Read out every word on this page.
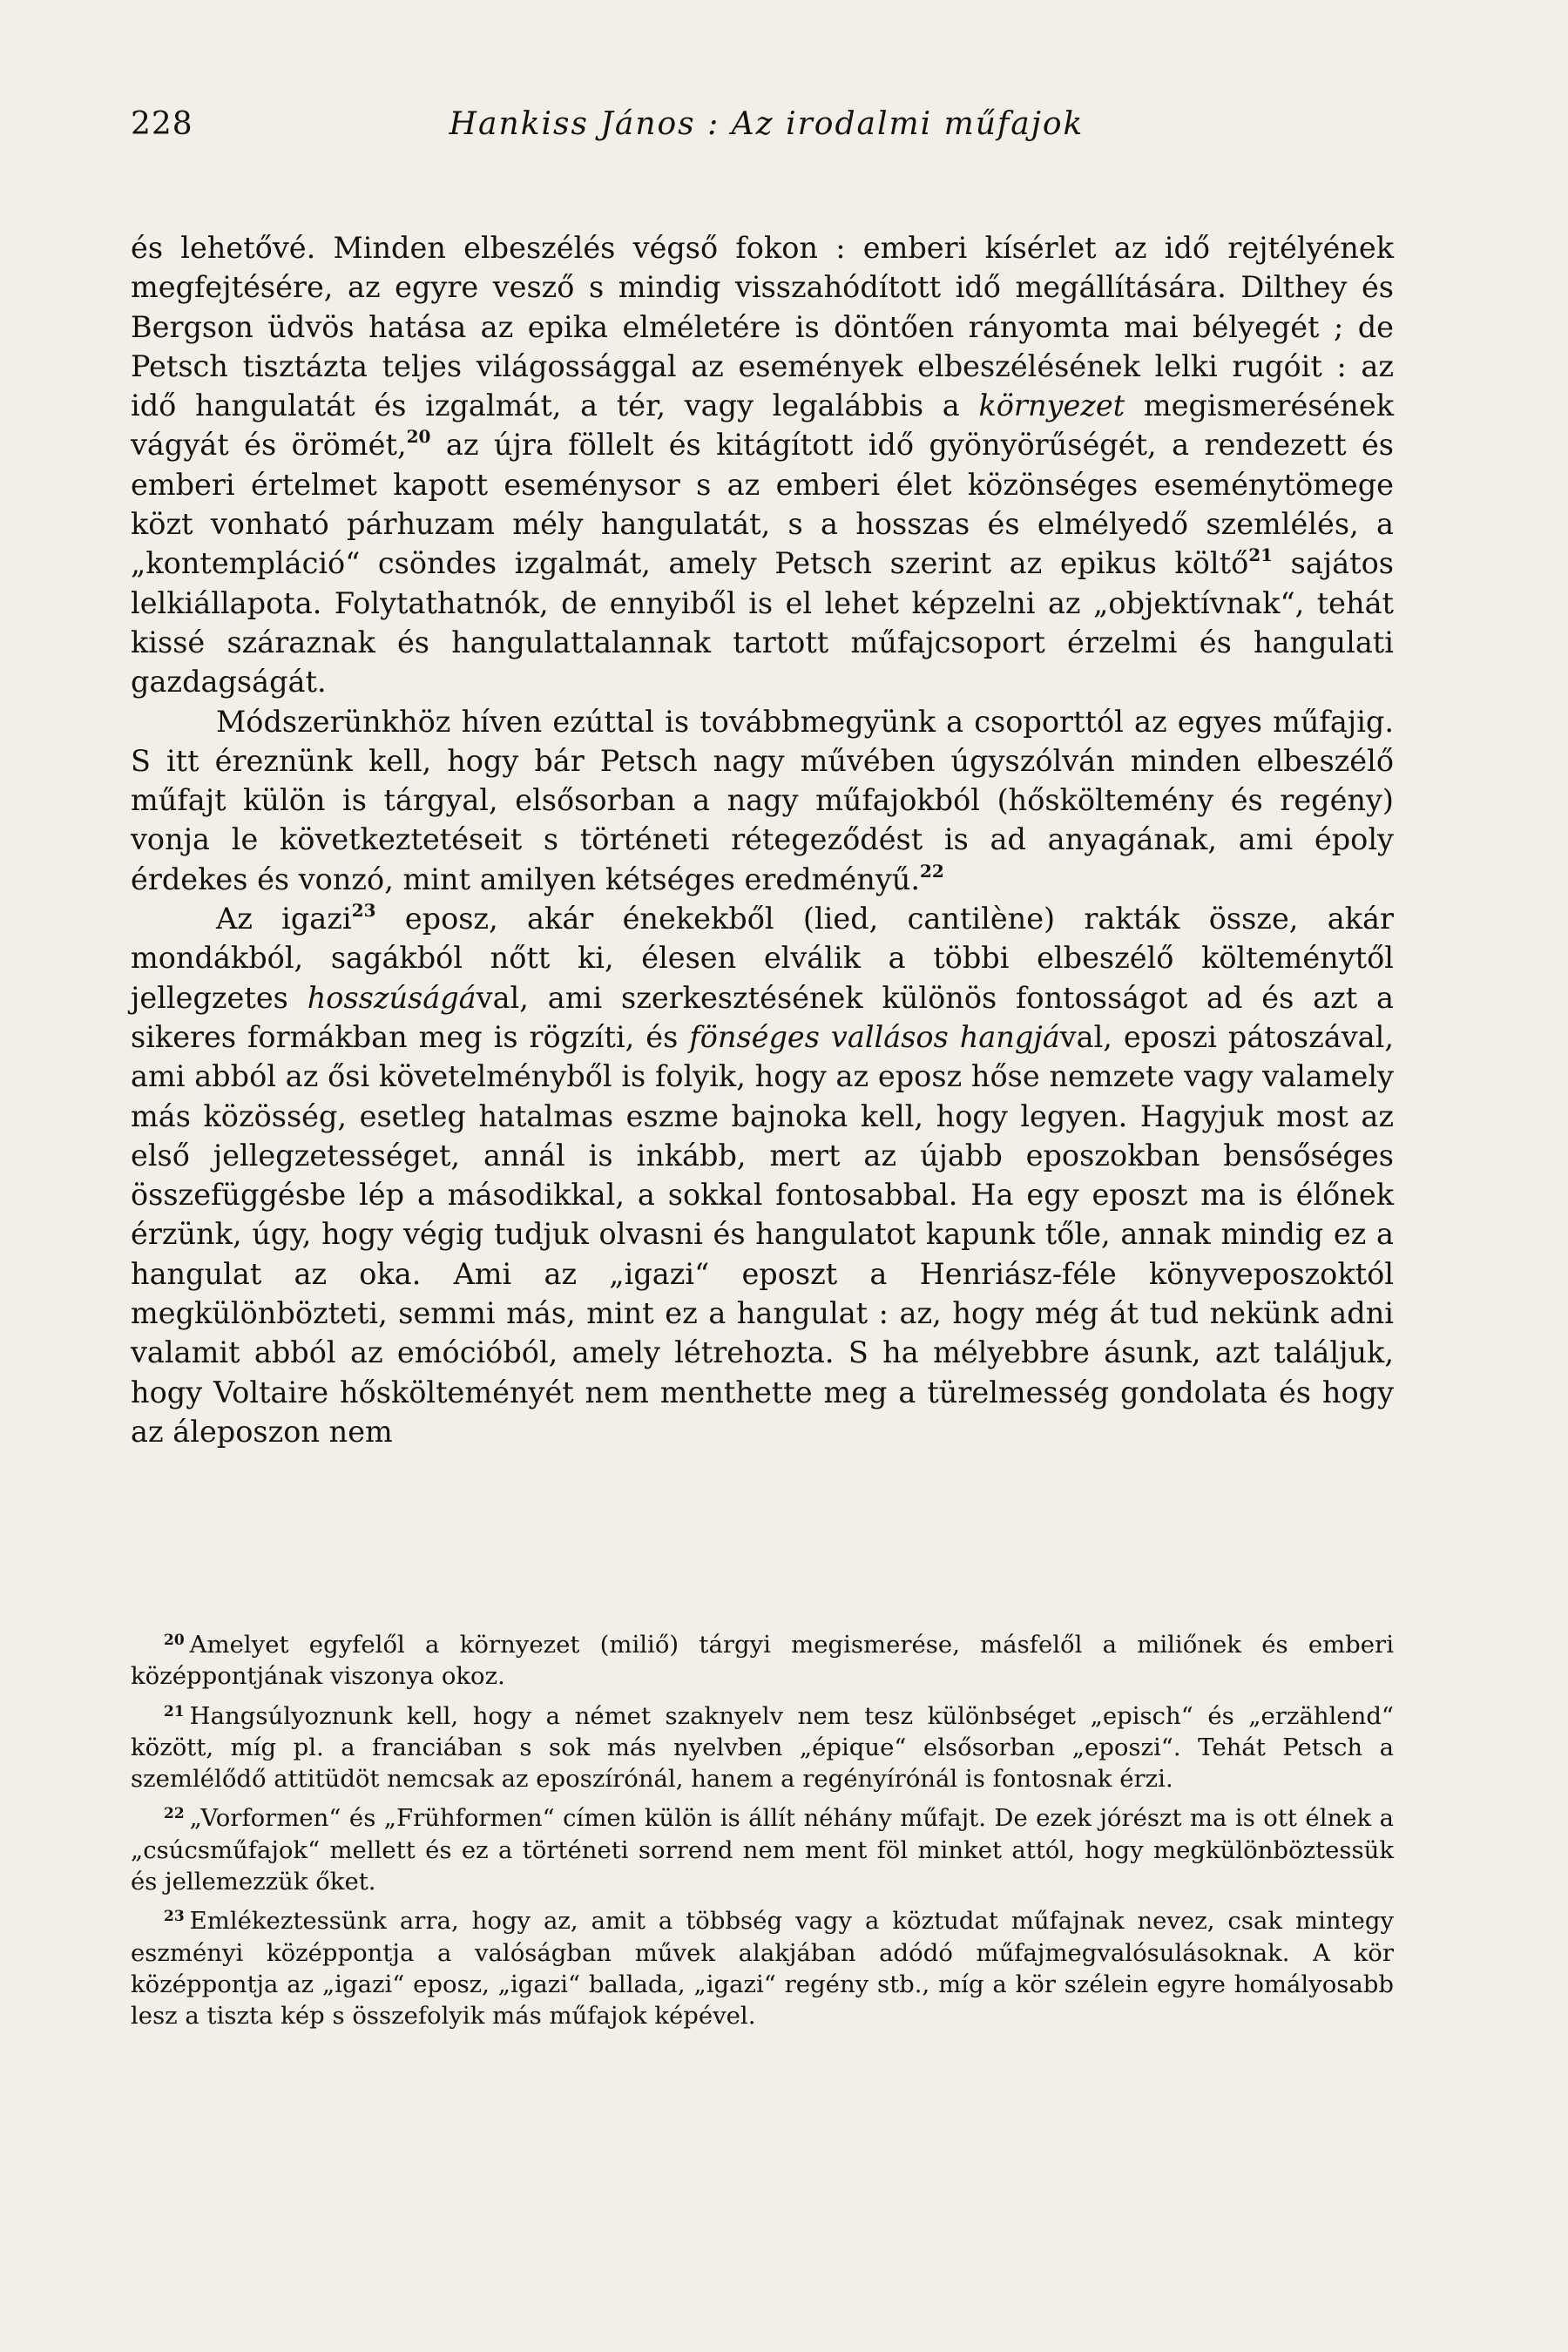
228	Hankiss János : Az irodalmi műfajok

és lehetővé. Minden elbeszélés végső fokon : emberi kísérlet az idő rejtélyének megfejtésére, az egyre vesző s mindig visszahódított idő megállítására. Dilthey és Bergson üdvös hatása az epika elméletére is döntően rányomta mai bélyegét ; de Petsch tisztázta teljes világossággal az események elbeszélésének lelki rugóit : az idő hangulatát és izgalmát, a tér, vagy legalábbis a környezet megismerésének vágyát és örömét,$^{20}$ az újra föllelt és kitágított idő gyönyörűségét, a rendezett és emberi értelmet kapott eseménysor s az emberi élet közönséges eseménytömege közt vonható párhuzam mély hangulatát, s a hosszas és elmélyedő szemlélés, a „kontempláció“ csöndes izgalmát, amely Petsch szerint az epikus költő$^{21}$ sajátos lelkiállapota. Folytathatnók, de ennyiből is el lehet képzelni az „objektívnak“, tehát kissé száraznak és hangulattalannak tartott műfajcsoport érzelmi és hangulati gazdagságát.

Módszerünkhöz híven ezúttal is továbbmegyünk a csoporttól az egyes műfajig. S itt éreznünk kell, hogy bár Petsch nagy művében úgyszólván minden elbeszélő műfajt külön is tárgyal, elsősorban a nagy műfajokból (hősköltemény és regény) vonja le következtetéseit s történeti rétegeződést is ad anyagának, ami époly érdekes és vonzó, mint amilyen kétséges eredményű.$^{22}$

Az igazi$^{23}$ eposz, akár énekekből (lied, cantilène) rakták össze, akár mondákból, sagákból nőtt ki, élesen elválik a többi elbeszélő költeménytől jellegzetes hosszúságával, ami szerkesztésének különös fontosságot ad és azt a sikeres formákban meg is rögzíti, és fönséges vallásos hangjával, eposzi pátoszával, ami abból az ősi követelményből is folyik, hogy az eposz hőse nemzete vagy valamely más közösség, esetleg hatalmas eszme bajnoka kell, hogy legyen. Hagyjuk most az első jellegzetességet, annál is inkább, mert az újabb eposzokban bensőséges összefüggésbe lép a másodikkal, a sokkal fontosabbal. Ha egy eposzt ma is élőnek érzünk, úgy, hogy végig tudjuk olvasni és hangulatot kapunk tőle, annak mindig ez a hangulat az oka. Ami az „igazi“ eposzt a Henriász-féle könyveposzoktól megkülönbözteti, semmi más, mint ez a hangulat : az, hogy még át tud nekünk adni valamit abból az emócióból, amely létrehozta. S ha mélyebbre ásunk, azt találjuk, hogy Voltaire hőskölteményét nem menthette meg a türelmesség gondolata és hogy az áleposzon nem

$^{20}$ Amelyet egyfelől a környezet (miliő) tárgyi megismerése, másfelől a miliőnek és emberi középpontjának viszonya okoz.

$^{21}$ Hangsúlyoznunk kell, hogy a német szaknyelv nem tesz különbséget „episch“ és „erzählend“ között, míg pl. a franciában s sok más nyelvben „épique“ elsősorban „eposzi“. Tehát Petsch a szemlélődő attitüdöt nemcsak az eposzírónál, hanem a regényírónál is fontosnak érzi.

$^{22}$ „Vorformen“ és „Frühformen“ címen külön is állít néhány műfajt. De ezek jórészt ma is ott élnek a „csúcsműfajok“ mellett és ez a történeti sorrend nem ment föl minket attól, hogy megkülönböztessük és jellemezzük őket.

$^{23}$ Emlékeztessünk arra, hogy az, amit a többség vagy a köztudat műfajnak nevez, csak mintegy eszményi középpontja a valóságban művek alakjában adódó műfajmegvalósulásoknak. A kör középpontja az „igazi“ eposz, „igazi“ ballada, „igazi“ regény stb., míg a kör szélein egyre homályosabb lesz a tiszta kép s összefolyik más műfajok képével.
